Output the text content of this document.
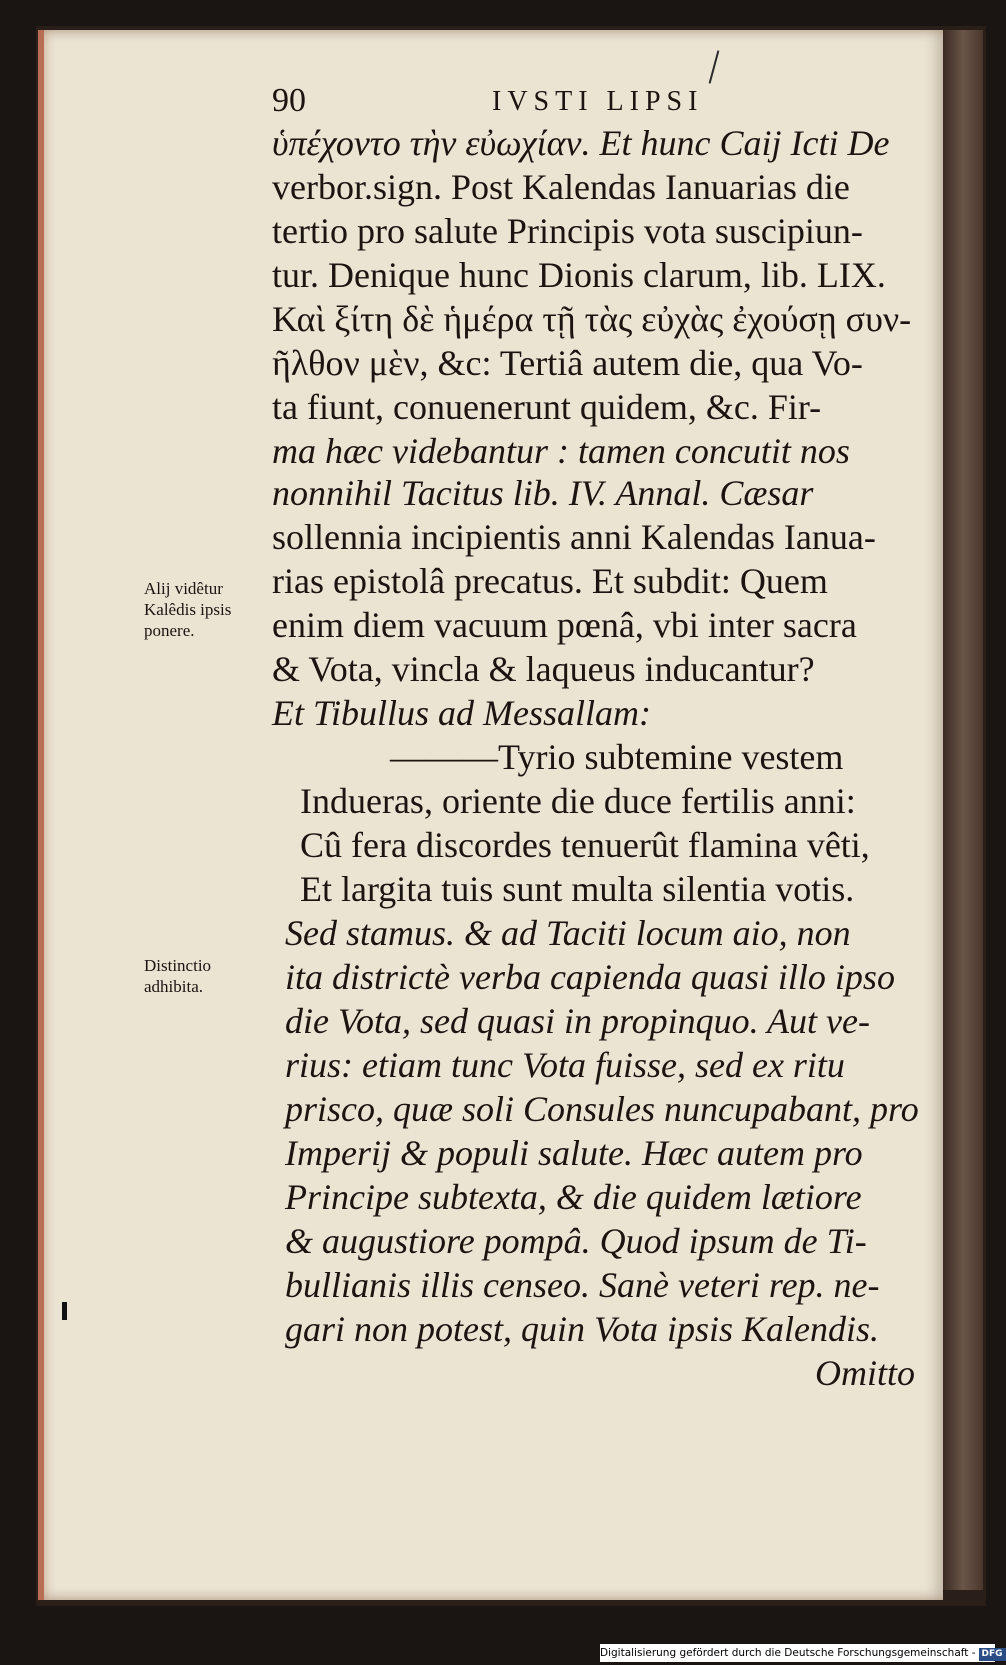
90	IVSTI LIPSI
ὑπέχοντο τὴν εὐωχίαν. Et hunc Caij Icti De
verbor.sign. Post Kalendas Ianuarias die
tertio pro salute Principis vota suscipiun-
tur. Denique hunc Dionis clarum, lib. LIX.
Καὶ ξίτη δὲ ἡμέρα τῇ τὰς εὐχὰς ἐχούσῃ συν-
ῆλθον μὲν, &c: Tertiâ autem die, qua Vo-
ta fiunt, conuenerunt quidem, &c. Fir-
ma hæc videbantur : tamen concutit nos
nonnihil Tacitus lib. IV. Annal. Cæsar
sollennia incipientis anni Kalendas Ianua-
rias epistolâ precatus. Et subdit: Quem
enim diem vacuum pœnâ, vbi inter sacra
& Vota, vincla & laqueus inducantur?
Et Tibullus ad Messallam:
———Tyrio subtemine vestem
Indueras, oriente die duce fertilis anni:
Cû fera discordes tenuerût flamina vêti,
Et largita tuis sunt multa silentia votis.
Sed stamus. & ad Taciti locum aio, non
ita districtè verba capienda quasi illo ipso
die Vota, sed quasi in propinquo. Aut ve-
rius: etiam tunc Vota fuisse, sed ex ritu
prisco, quæ soli Consules nuncupabant, pro
Imperij & populi salute. Hæc autem pro
Principe subtexta, & die quidem lætiore
& augustiore pompâ. Quod ipsum de Ti-
bullianis illis censeo. Sanè veteri rep. ne-
gari non potest, quin Vota ipsis Kalendis.
Omitto
Alij vidêtur
Kalêdis ipsis
ponere.
Distinctio
adhibita.
Digitalisierung gefördert durch die Deutsche Forschungsgemeinschaft - DFG
